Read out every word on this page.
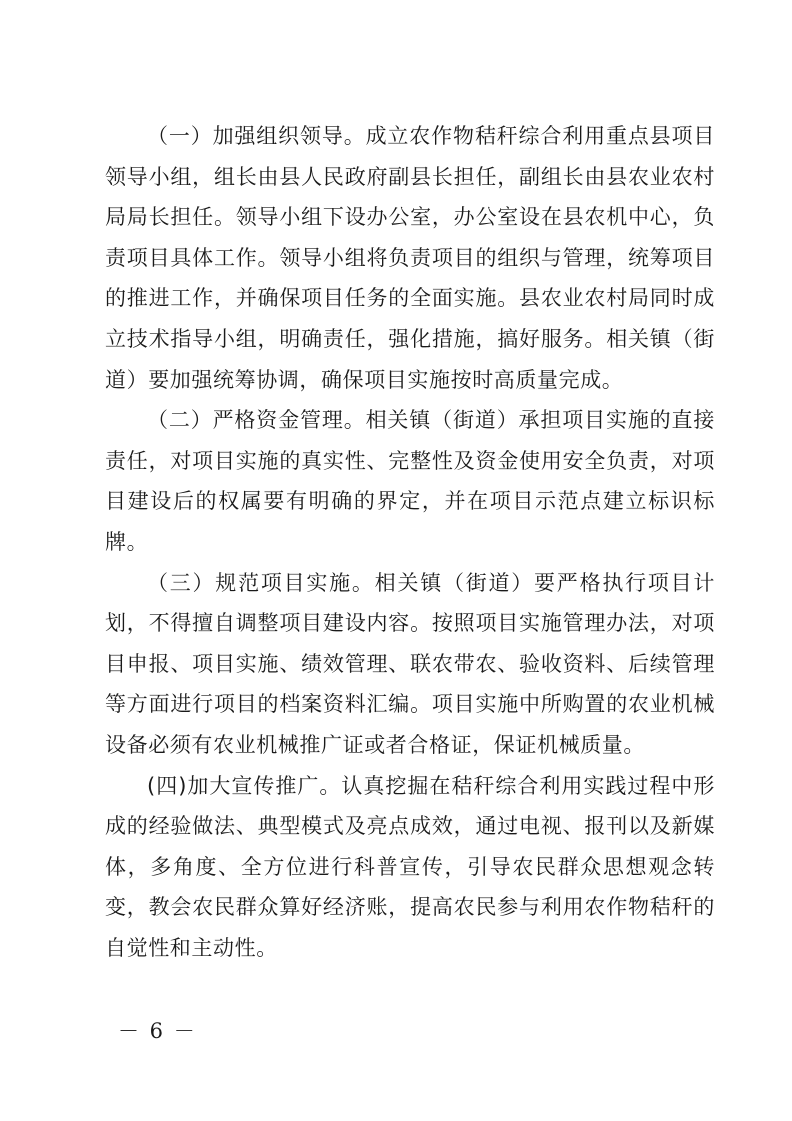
（一）加强组织领导。成立农作物秸秆综合利用重点县项目领导小组，组长由县人民政府副县长担任，副组长由县农业农村局局长担任。领导小组下设办公室，办公室设在县农机中心，负责项目具体工作。领导小组将负责项目的组织与管理，统筹项目的推进工作，并确保项目任务的全面实施。县农业农村局同时成立技术指导小组，明确责任，强化措施，搞好服务。相关镇（街道）要加强统筹协调，确保项目实施按时高质量完成。

（二）严格资金管理。相关镇（街道）承担项目实施的直接责任，对项目实施的真实性、完整性及资金使用安全负责，对项目建设后的权属要有明确的界定，并在项目示范点建立标识标牌。

（三）规范项目实施。相关镇（街道）要严格执行项目计划，不得擅自调整项目建设内容。按照项目实施管理办法，对项目申报、项目实施、绩效管理、联农带农、验收资料、后续管理等方面进行项目的档案资料汇编。项目实施中所购置的农业机械设备必须有农业机械推广证或者合格证，保证机械质量。

(四)加大宣传推广。认真挖掘在秸秆综合利用实践过程中形成的经验做法、典型模式及亮点成效，通过电视、报刊以及新媒体，多角度、全方位进行科普宣传，引导农民群众思想观念转变，教会农民群众算好经济账，提高农民参与利用农作物秸秆的自觉性和主动性。

－ 6 －
